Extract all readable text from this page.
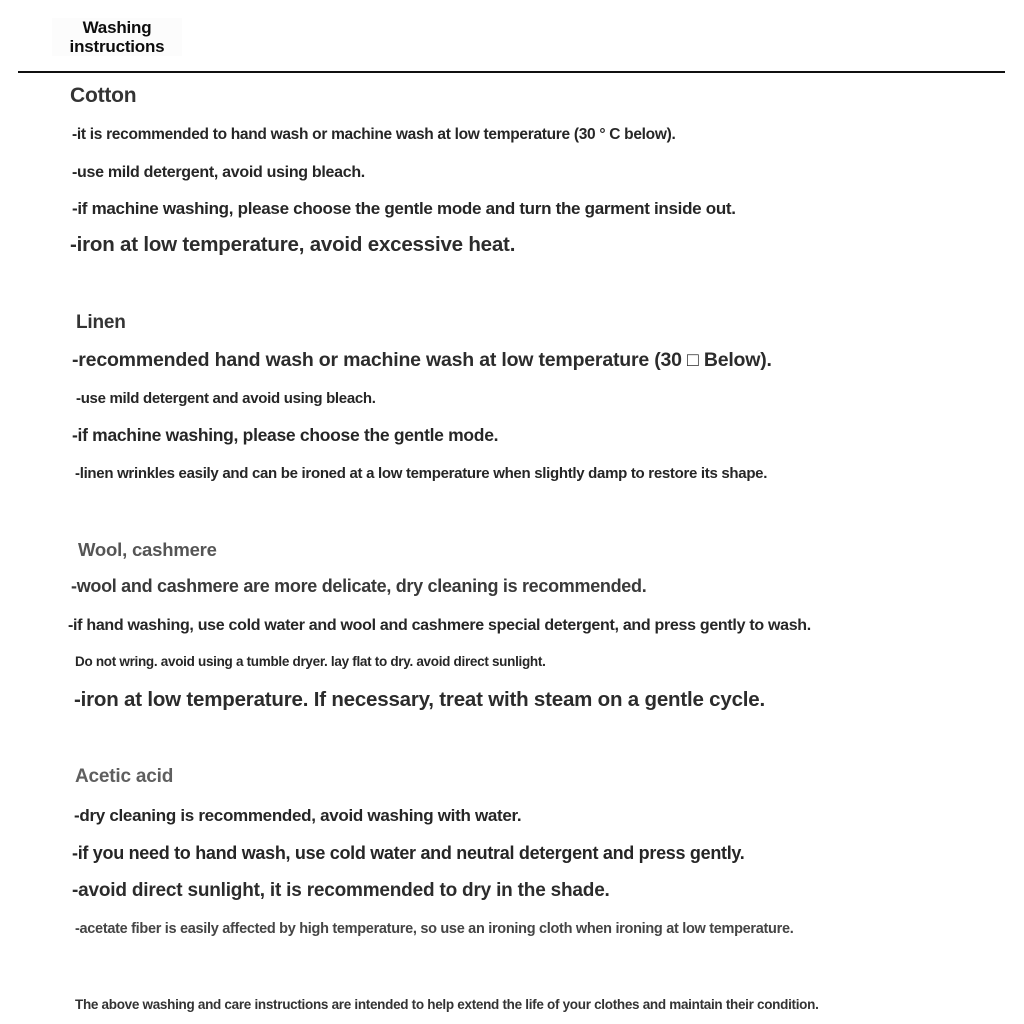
Washing
instructions
Cotton

-it is recommended to hand wash or machine wash at low temperature (30 ° C below).

-use mild detergent, avoid using bleach.

-if machine washing, please choose the gentle mode and turn the garment inside out.

-iron at low temperature, avoid excessive heat.

Linen

-recommended hand wash or machine wash at low temperature (30 □ Below).

-use mild detergent and avoid using bleach.

-if machine washing, please choose the gentle mode.

-linen wrinkles easily and can be ironed at a low temperature when slightly damp to restore its shape.

Wool, cashmere

-wool and cashmere are more delicate, dry cleaning is recommended.

-if hand washing, use cold water and wool and cashmere special detergent, and press gently to wash.

Do not wring. avoid using a tumble dryer. lay flat to dry. avoid direct sunlight.

-iron at low temperature. If necessary, treat with steam on a gentle cycle.

Acetic acid

-dry cleaning is recommended, avoid washing with water.

-if you need to hand wash, use cold water and neutral detergent and press gently.

-avoid direct sunlight, it is recommended to dry in the shade.

-acetate fiber is easily affected by high temperature, so use an ironing cloth when ironing at low temperature.

The above washing and care instructions are intended to help extend the life of your clothes and maintain their condition.
